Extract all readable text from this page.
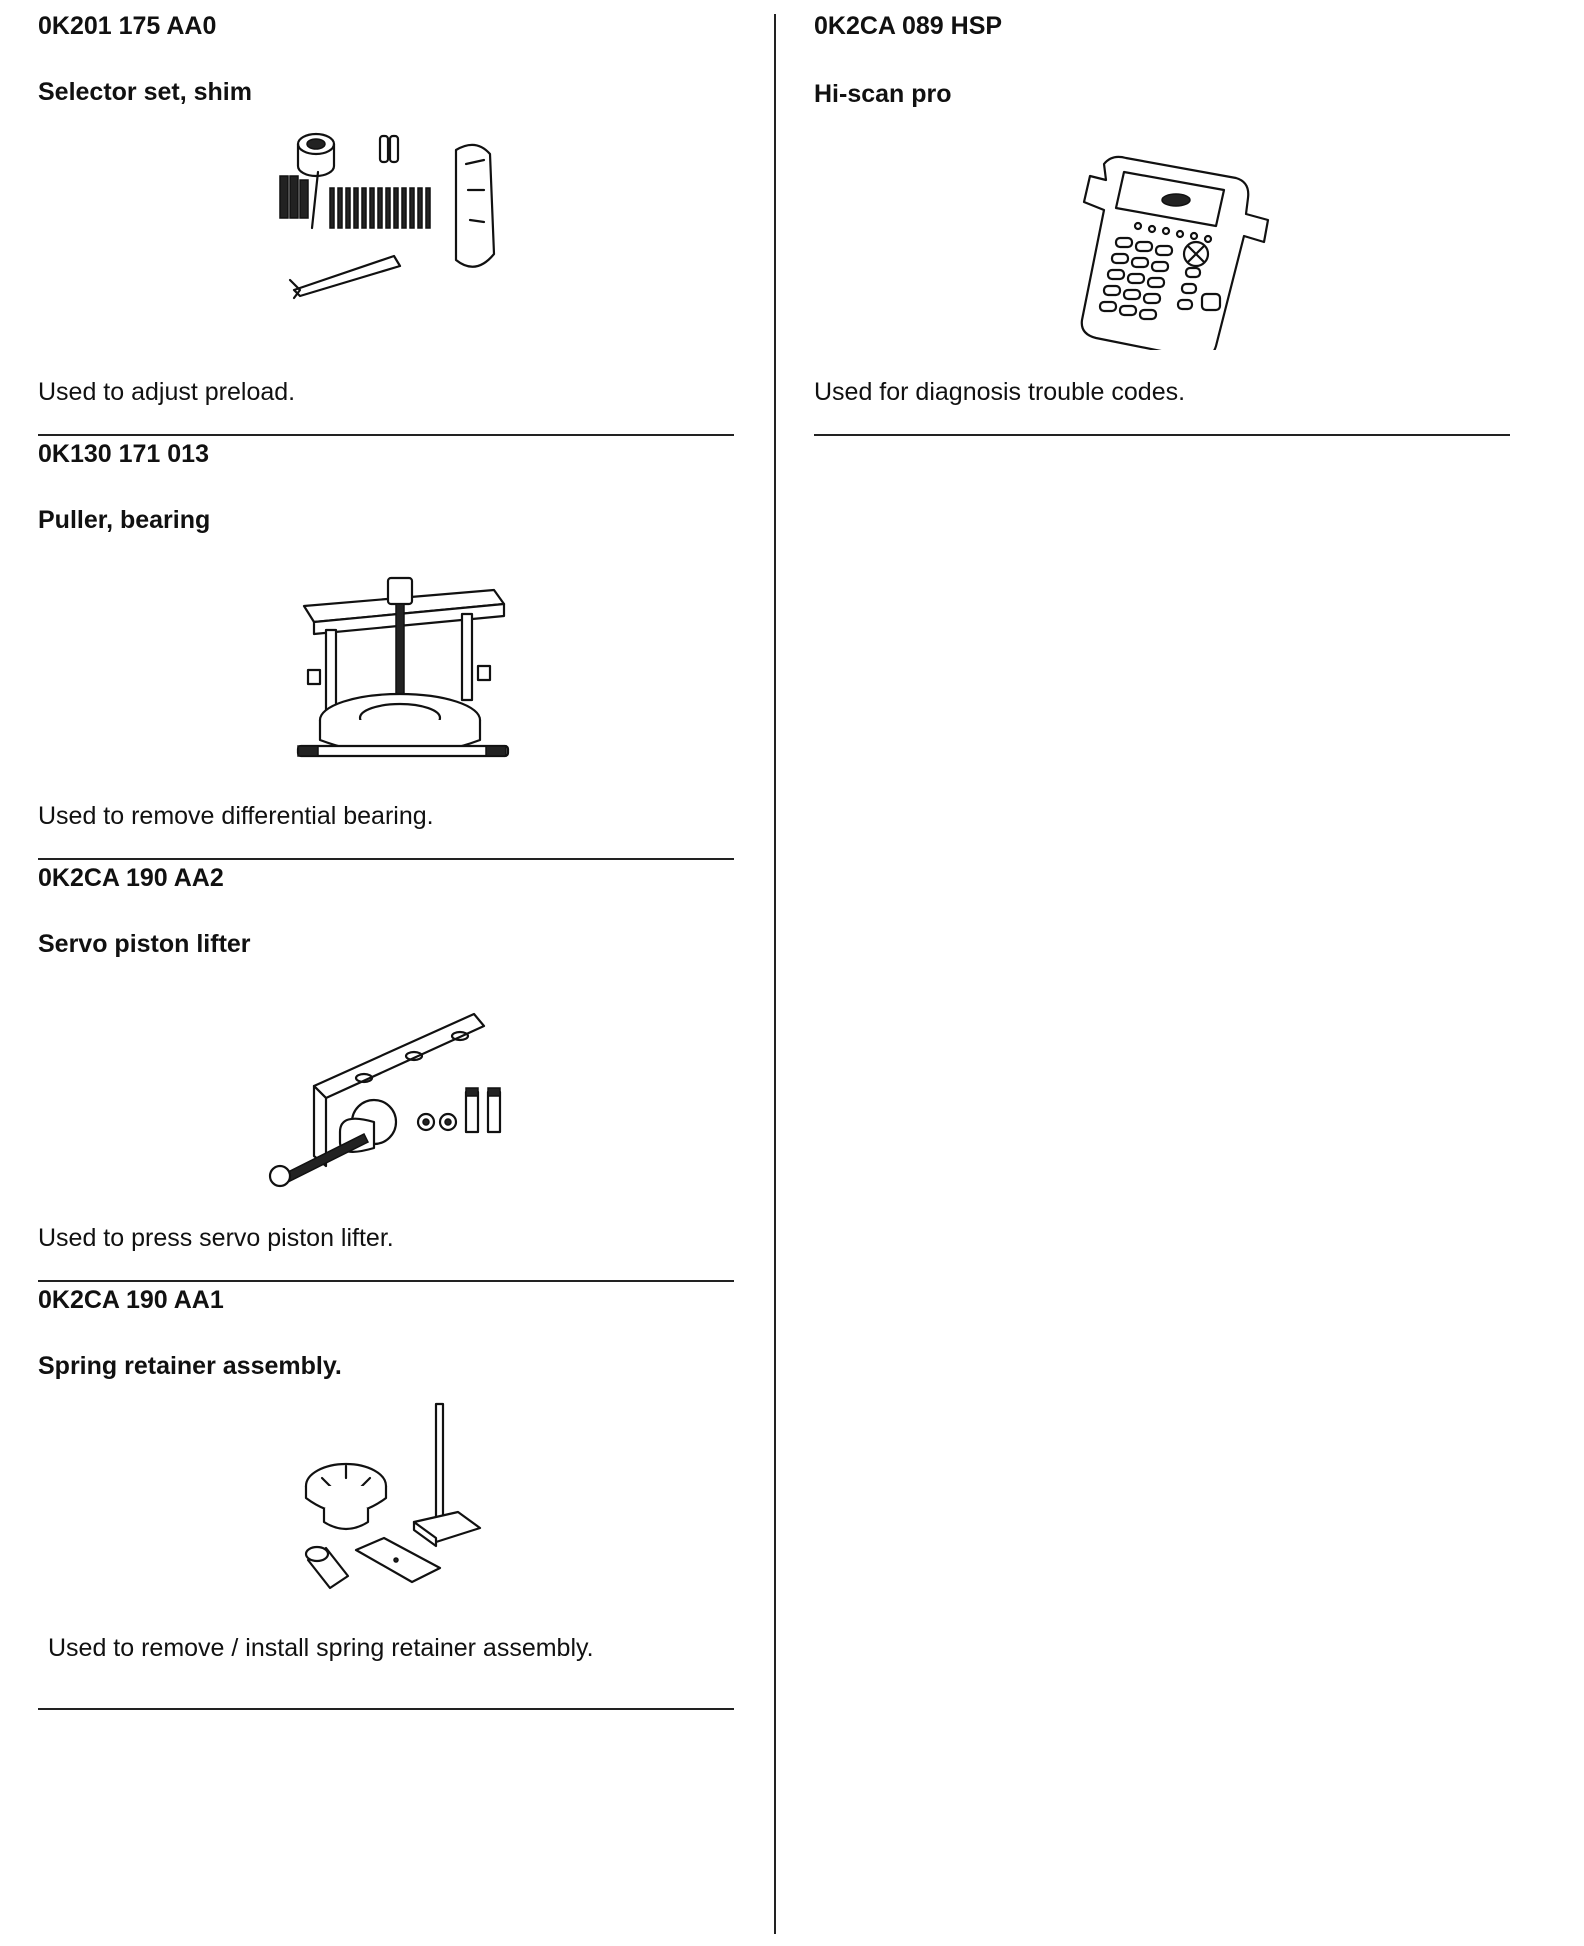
0K201 175 AA0
Selector set, shim
Used to adjust preload.
0K130 171 013
Puller, bearing
Used to remove differential bearing.
0K2CA 190 AA2
Servo piston lifter
Used to press servo piston lifter.
0K2CA 190 AA1
Spring retainer assembly.
Used to remove / install spring retainer assembly.
0K2CA 089 HSP
Hi-scan pro
Used for diagnosis trouble codes.
